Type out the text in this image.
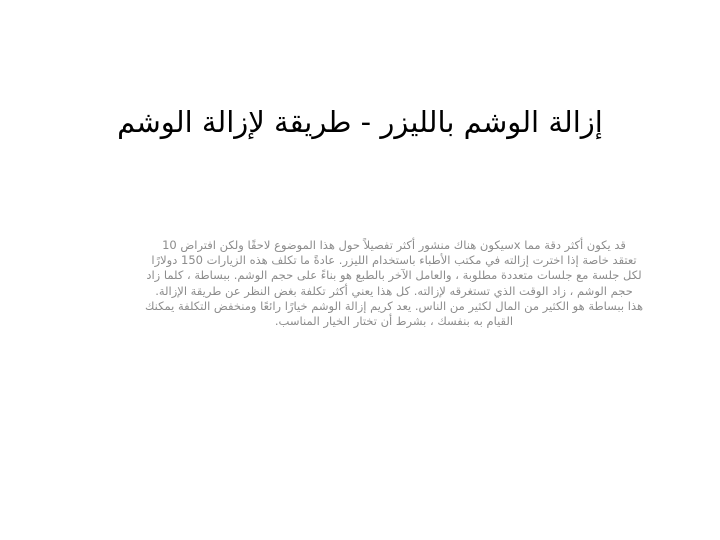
إزالة الوشم بالليزر - طريقة لإزالة الوشم
قد يكون أكثر دقة مما xسيكون هناك منشور أكثر تفصيلاً حول هذا الموضوع لاحقًا ولكن افتراض 10
تعتقد خاصة إذا اخترت إزالته في مكتب الأطباء باستخدام الليزر. عادةً ما تكلف هذه الزيارات 150 دولارًا
لكل جلسة مع جلسات متعددة مطلوبة ، والعامل الآخر بالطبع هو بناءً على حجم الوشم. ببساطة ، كلما زاد
حجم الوشم ، زاد الوقت الذي تستغرقه لإزالته. كل هذا يعني أكثر تكلفة بغض النظر عن طريقة الإزالة.
هذا ببساطة هو الكثير من المال لكثير من الناس. يعد كريم إزالة الوشم خيارًا رائعًا ومنخفض التكلفة يمكنك
القيام به بنفسك ، بشرط أن تختار الخيار المناسب.
